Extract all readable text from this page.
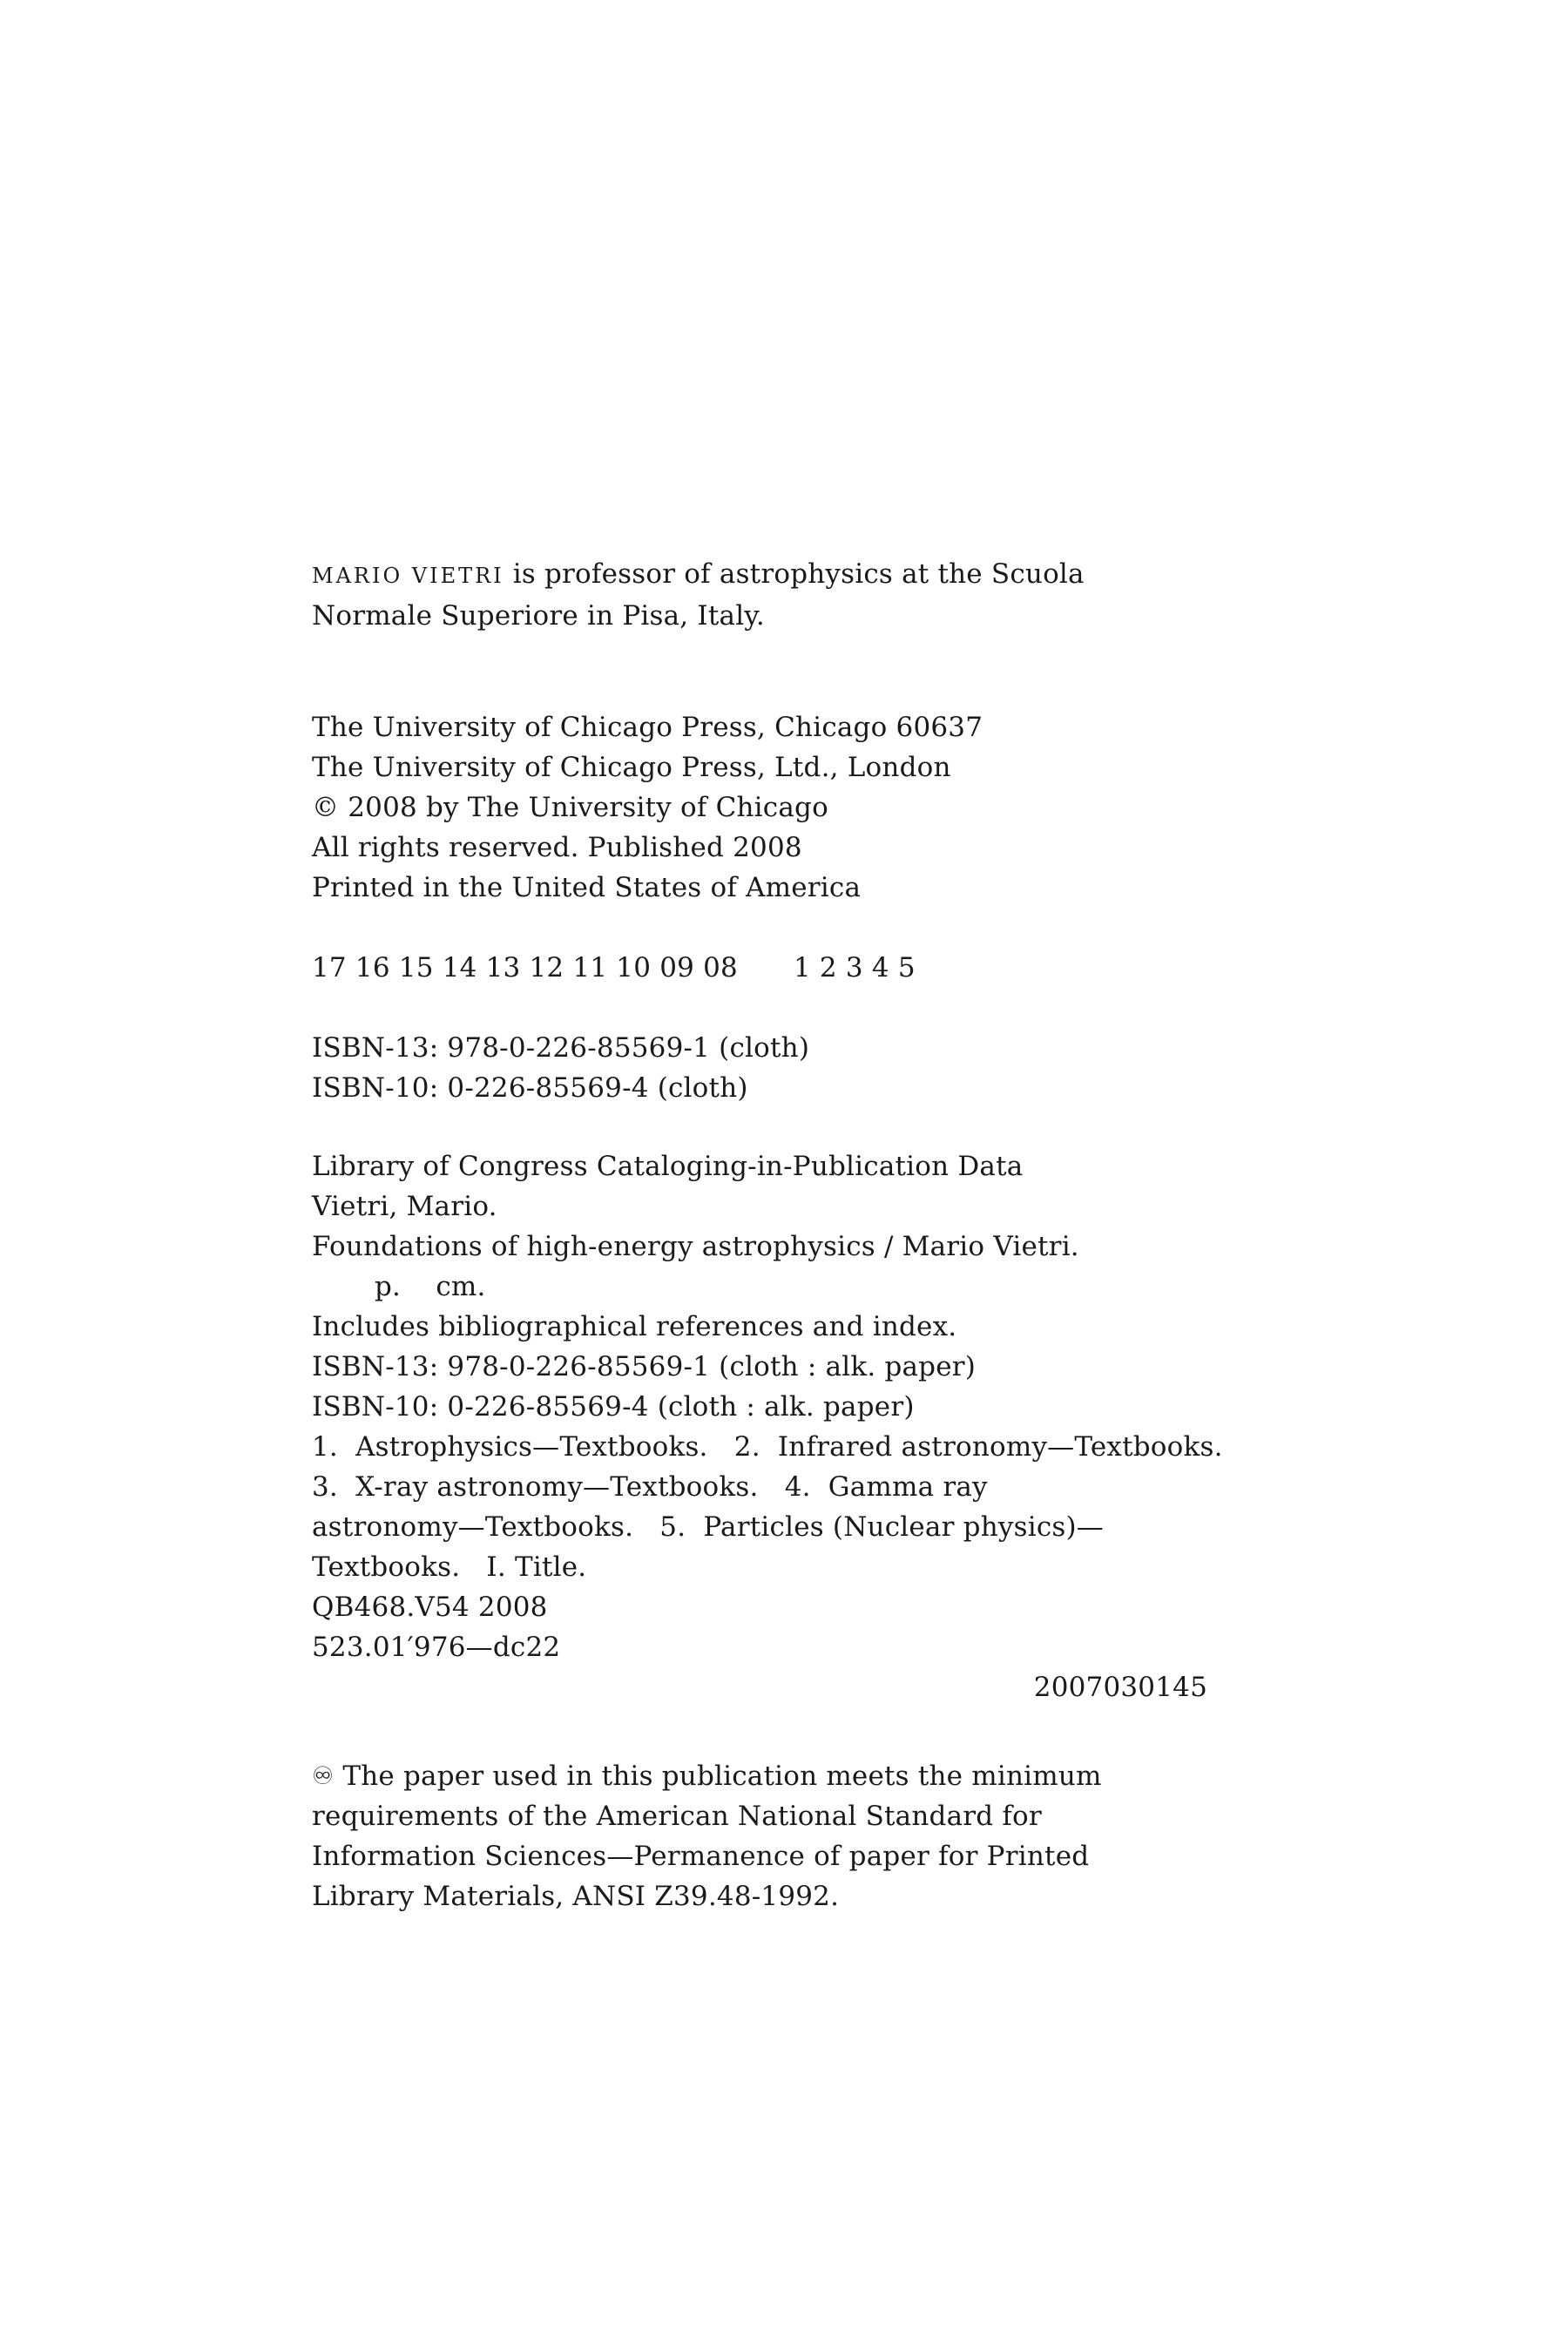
MARIO VIETRI is professor of astrophysics at the Scuola
Normale Superiore in Pisa, Italy.
The University of Chicago Press, Chicago 60637
The University of Chicago Press, Ltd., London
© 2008 by The University of Chicago
All rights reserved. Published 2008
Printed in the United States of America
17 16 15 14 13 12 11 10 09 08 1 2 3 4 5
ISBN-13: 978-0-226-85569-1 (cloth)
ISBN-10: 0-226-85569-4 (cloth)
Library of Congress Cataloging-in-Publication Data
Vietri, Mario.
Foundations of high-energy astrophysics / Mario Vietri.
p.    cm.
Includes bibliographical references and index.
ISBN-13: 978-0-226-85569-1 (cloth : alk. paper)
ISBN-10: 0-226-85569-4 (cloth : alk. paper)
1.  Astrophysics—Textbooks.   2.  Infrared astronomy—Textbooks.
3.  X-ray astronomy—Textbooks.   4.  Gamma ray
astronomy—Textbooks.   5.  Particles (Nuclear physics)—
Textbooks.   I. Title.
QB468.V54 2008
523.01′976—dc22
2007030145
♾ The paper used in this publication meets the minimum
requirements of the American National Standard for
Information Sciences—Permanence of paper for Printed
Library Materials, ANSI Z39.48-1992.
